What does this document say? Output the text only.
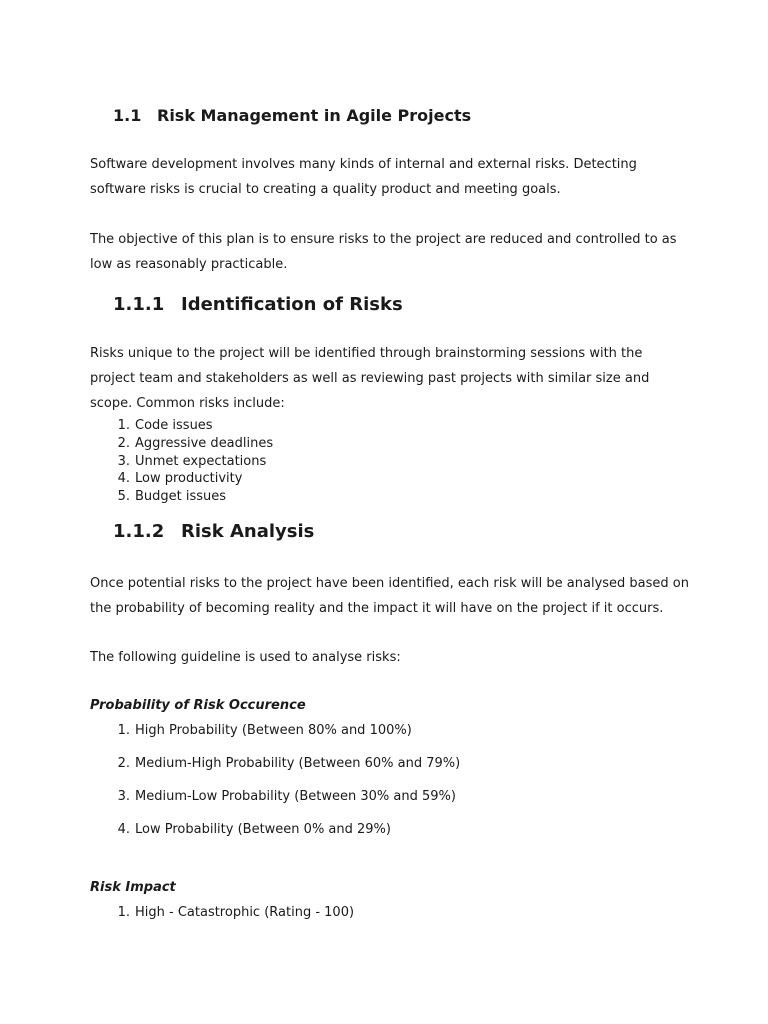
1.1 Risk Management in Agile Projects
Software development involves many kinds of internal and external risks. Detecting software risks is crucial to creating a quality product and meeting goals.
The objective of this plan is to ensure risks to the project are reduced and controlled to as low as reasonably practicable.
1.1.1 Identification of Risks
Risks unique to the project will be identified through brainstorming sessions with the project team and stakeholders as well as reviewing past projects with similar size and scope. Common risks include:
1. Code issues
2. Aggressive deadlines
3. Unmet expectations
4. Low productivity
5. Budget issues
1.1.2 Risk Analysis
Once potential risks to the project have been identified, each risk will be analysed based on the probability of becoming reality and the impact it will have on the project if it occurs.
The following guideline is used to analyse risks:
Probability of Risk Occurence
1. High Probability (Between 80% and 100%)
2. Medium-High Probability (Between 60% and 79%)
3. Medium-Low Probability (Between 30% and 59%)
4. Low Probability (Between 0% and 29%)
Risk Impact
1. High - Catastrophic (Rating - 100)
